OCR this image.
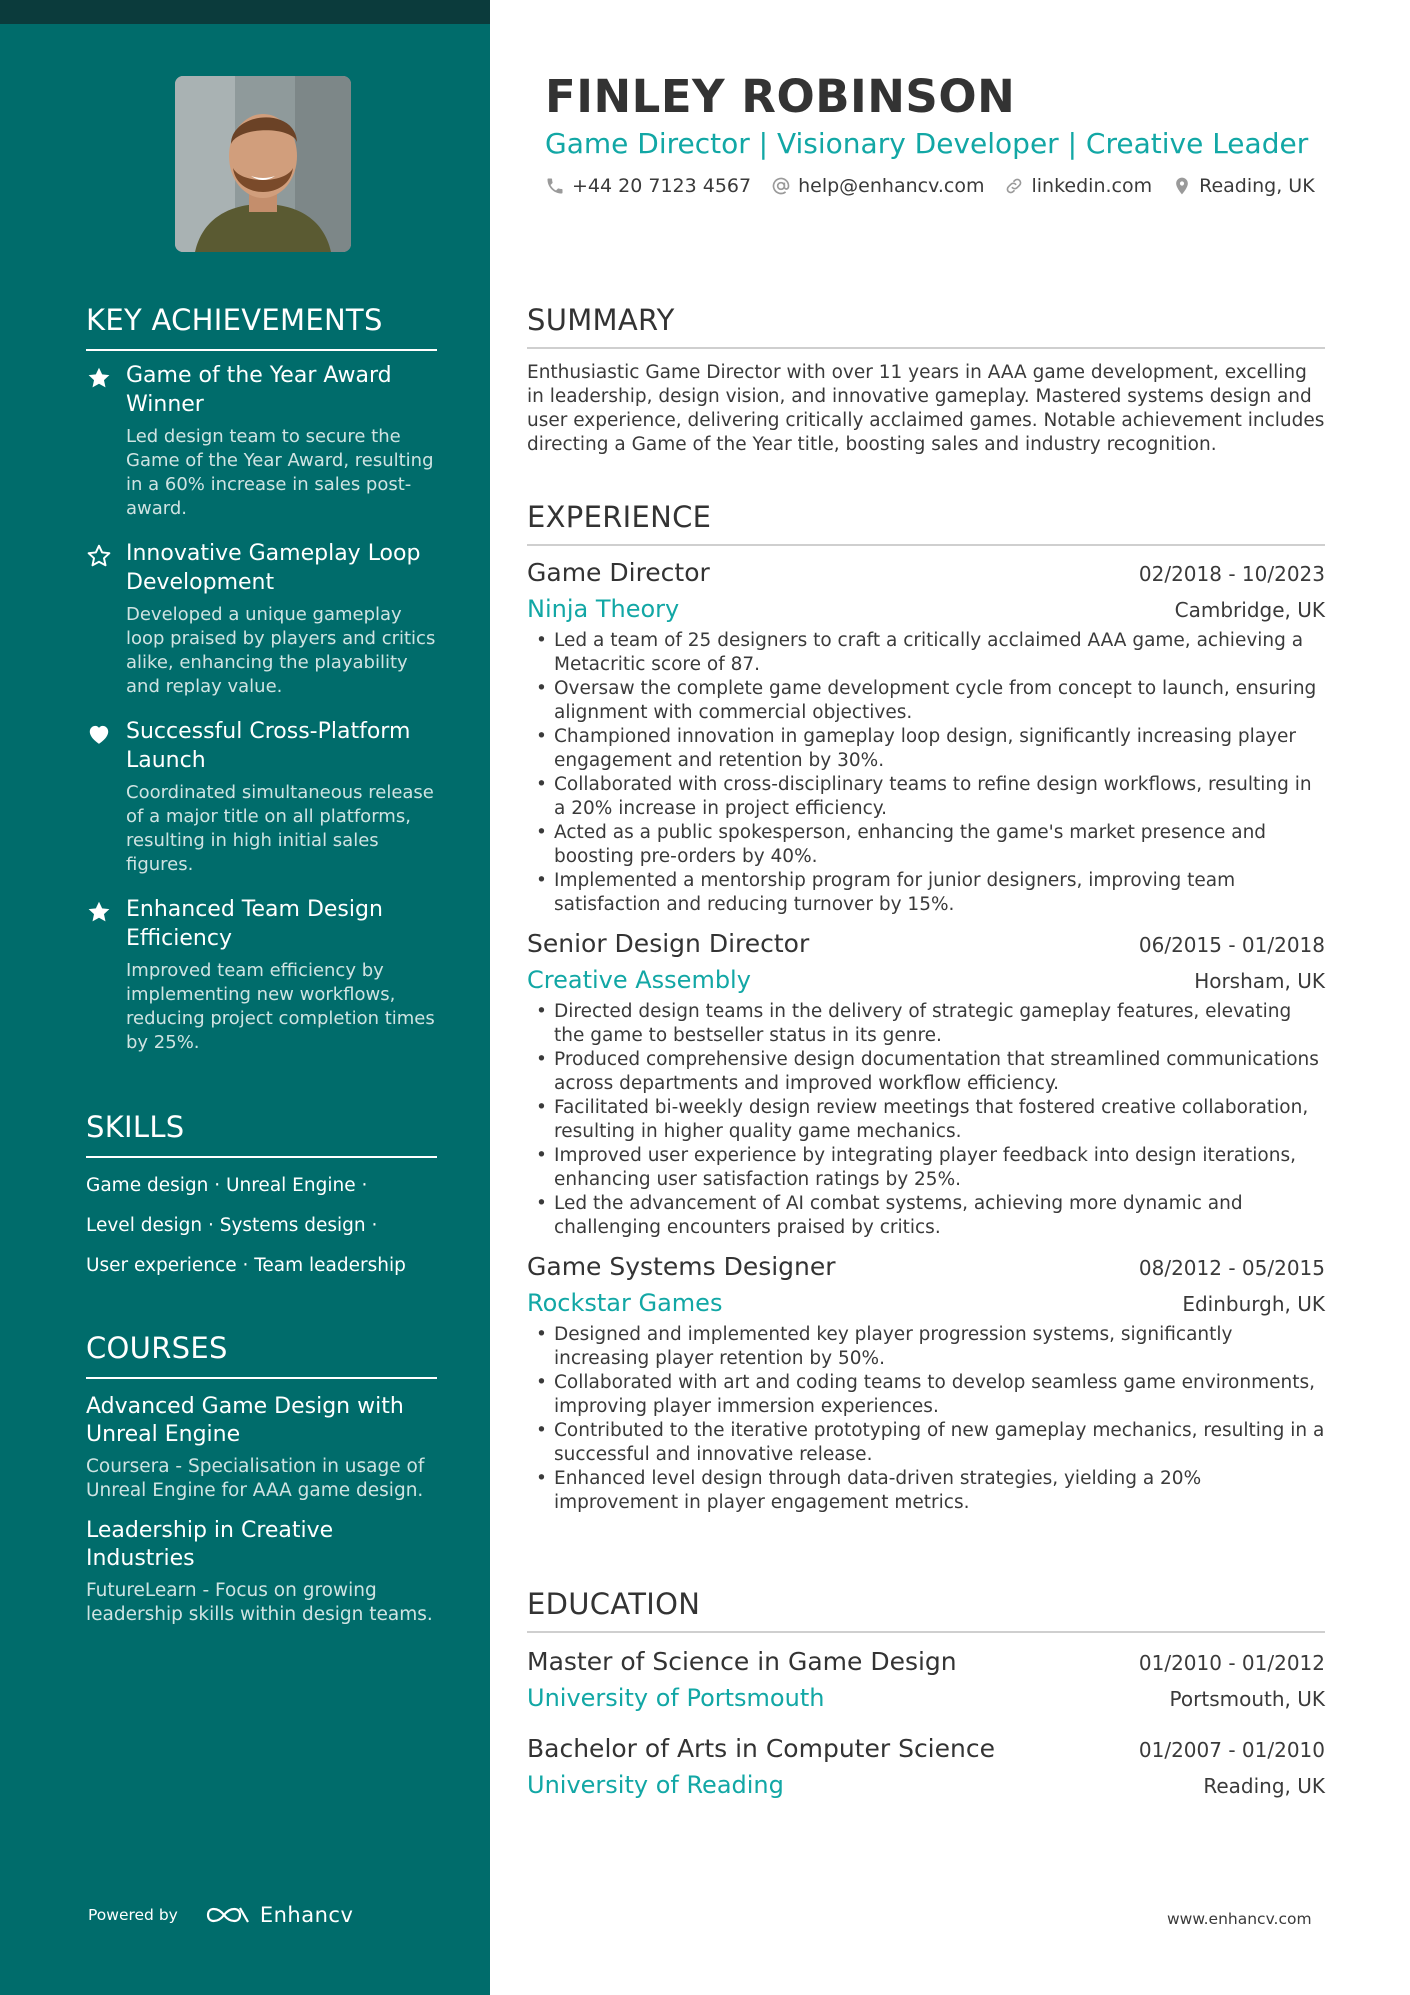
KEY ACHIEVEMENTS
Game of the Year Award Winner
Led design team to secure the Game of the Year Award, resulting in a 60% increase in sales post-award.
Innovative Gameplay Loop Development
Developed a unique gameplay loop praised by players and critics alike, enhancing the playability and replay value.
Successful Cross-Platform Launch
Coordinated simultaneous release of a major title on all platforms, resulting in high initial sales figures.
Enhanced Team Design Efficiency
Improved team efficiency by implementing new workflows, reducing project completion times by 25%.
SKILLS
Game design · Unreal Engine ·
Level design · Systems design ·
User experience · Team leadership
COURSES
Advanced Game Design with Unreal Engine
Coursera - Specialisation in usage of Unreal Engine for AAA game design.
Leadership in Creative Industries
FutureLearn - Focus on growing leadership skills within design teams.
Powered by	Enhancv
FINLEY ROBINSON
Game Director | Visionary Developer | Creative Leader
+44 20 7123 4567 help@enhancv.com linkedin.com Reading, UK
SUMMARY
Enthusiastic Game Director with over 11 years in AAA game development, excelling in leadership, design vision, and innovative gameplay. Mastered systems design and user experience, delivering critically acclaimed games. Notable achievement includes directing a Game of the Year title, boosting sales and industry recognition.
EXPERIENCE
Game Director	02/2018 - 10/2023
Ninja Theory	Cambridge, UK
• Led a team of 25 designers to craft a critically acclaimed AAA game, achieving a Metacritic score of 87.
• Oversaw the complete game development cycle from concept to launch, ensuring alignment with commercial objectives.
• Championed innovation in gameplay loop design, significantly increasing player engagement and retention by 30%.
• Collaborated with cross-disciplinary teams to refine design workflows, resulting in a 20% increase in project efficiency.
• Acted as a public spokesperson, enhancing the game's market presence and boosting pre-orders by 40%.
• Implemented a mentorship program for junior designers, improving team satisfaction and reducing turnover by 15%.
Senior Design Director	06/2015 - 01/2018
Creative Assembly	Horsham, UK
• Directed design teams in the delivery of strategic gameplay features, elevating the game to bestseller status in its genre.
• Produced comprehensive design documentation that streamlined communications across departments and improved workflow efficiency.
• Facilitated bi-weekly design review meetings that fostered creative collaboration, resulting in higher quality game mechanics.
• Improved user experience by integrating player feedback into design iterations, enhancing user satisfaction ratings by 25%.
• Led the advancement of AI combat systems, achieving more dynamic and challenging encounters praised by critics.
Game Systems Designer	08/2012 - 05/2015
Rockstar Games	Edinburgh, UK
• Designed and implemented key player progression systems, significantly increasing player retention by 50%.
• Collaborated with art and coding teams to develop seamless game environments, improving player immersion experiences.
• Contributed to the iterative prototyping of new gameplay mechanics, resulting in a successful and innovative release.
• Enhanced level design through data-driven strategies, yielding a 20% improvement in player engagement metrics.
EDUCATION
Master of Science in Game Design	01/2010 - 01/2012
University of Portsmouth	Portsmouth, UK
Bachelor of Arts in Computer Science	01/2007 - 01/2010
University of Reading	Reading, UK
www.enhancv.com
